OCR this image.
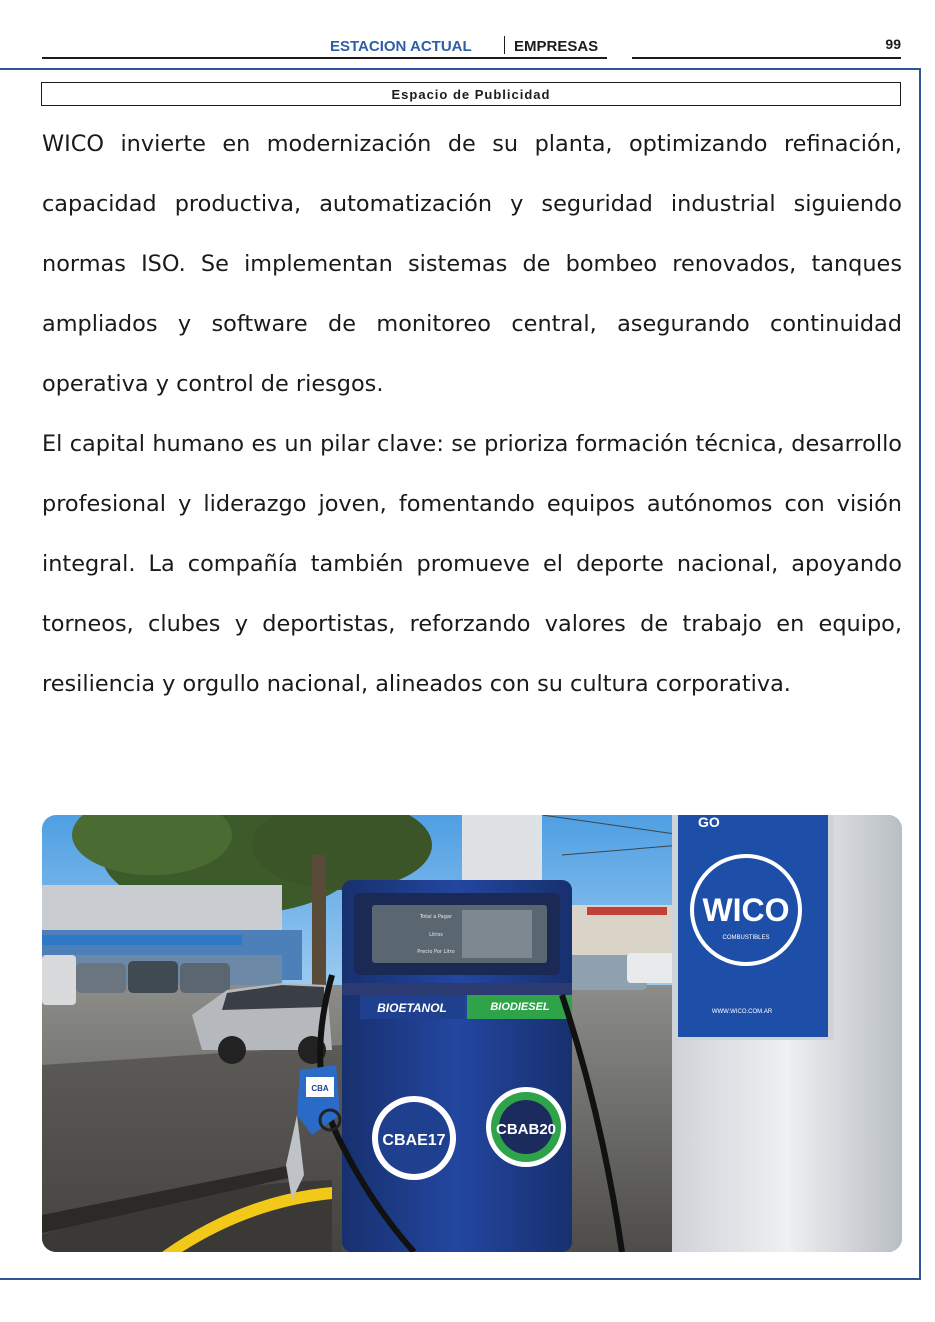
ESTACION ACTUAL	EMPRESAS	99
Espacio de Publicidad

WICO invierte en modernización de su planta, optimizando refinación, capacidad productiva, automatización y seguridad industrial siguiendo normas ISO. Se implementan sistemas de bombeo renovados, tanques ampliados y software de monitoreo central, asegurando continuidad operativa y control de riesgos.

El capital humano es un pilar clave: se prioriza formación técnica, desarrollo profesional y liderazgo joven, fomentando equipos autónomos con visión integral. La compañía también promueve el deporte nacional, apoyando torneos, clubes y deportistas, reforzando valores de trabajo en equipo, resiliencia y orgullo nacional, alineados con su cultura corporativa.

Total a Pagar
Litros
Precio Por Litro
BIOETANOL	BIODIESEL
CBAE17
CBAB20
CBA
GO
WICO
COMBUSTIBLES
WWW.WICO.COM.AR
